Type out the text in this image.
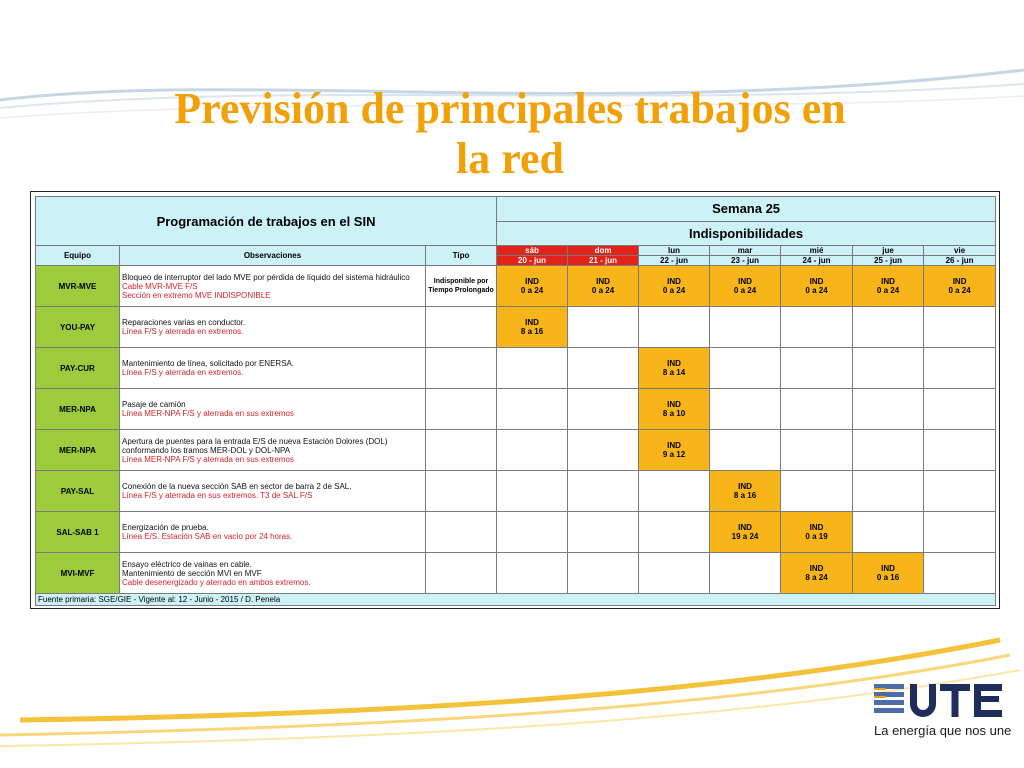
Previsión de principales trabajos en
la red
Programación de trabajos en el SIN			Semana 25						
			Indisponibilidades						
Equipo	Observaciones	Tipo	sáb	dom	lun	mar	mié	jue	vie
			20 - jun	21 - jun	22 - jun	23 - jun	24 - jun	25 - jun	26 - jun
MVR-MVE	Bloqueo de interruptor del lado MVE por pérdida de líquido del sistema hidráulico
Cable MVR-MVE F/S
Sección en extremo MVE INDISPONIBLE	Indisponible por Tiempo Prolongado	IND
0 a 24	IND
0 a 24	IND
0 a 24	IND
0 a 24	IND
0 a 24	IND
0 a 24	IND
0 a 24

YOU-PAY	Reparaciones varias en conductor.
Línea F/S y aterrada en extremos.		IND
8 a 16						

PAY-CUR	Mantenimiento de línea, solicitado por ENERSA.
Línea F/S y aterrada en extremos.				IND
8 a 14				

MER-NPA	Pasaje de camión
Línea MER-NPA F/S y aterrada en sus extremos				IND
8 a 10				

MER-NPA	Apertura de puentes para la entrada E/S de nueva Estación Dolores (DOL) conformando los tramos MER-DOL y DOL-NPA
Línea MER-NPA F/S y aterrada en sus extremos				IND
9 a 12				

PAY-SAL	Conexión de la nueva sección SAB en sector de barra 2 de SAL.
Línea F/S y aterrada en sus extremos. T3 de SAL F/S					IND
8 a 16			

SAL-SAB 1	Energización de prueba.
Línea E/S. Estación SAB en vacío por 24 horas.					IND
19 a 24	IND
0 a 19		

MVI-MVF	Ensayo eléctrico de vainas en cable.
Mantenimiento de sección MVI en MVF
Cable desenergizado y aterrado en ambos extremos.						IND
8 a 24	IND
0 a 16	

Fuente primaria: SGE/GIE - Vigente al: 12 - Junio - 2015 / D. Penela									
La energía que nos une
